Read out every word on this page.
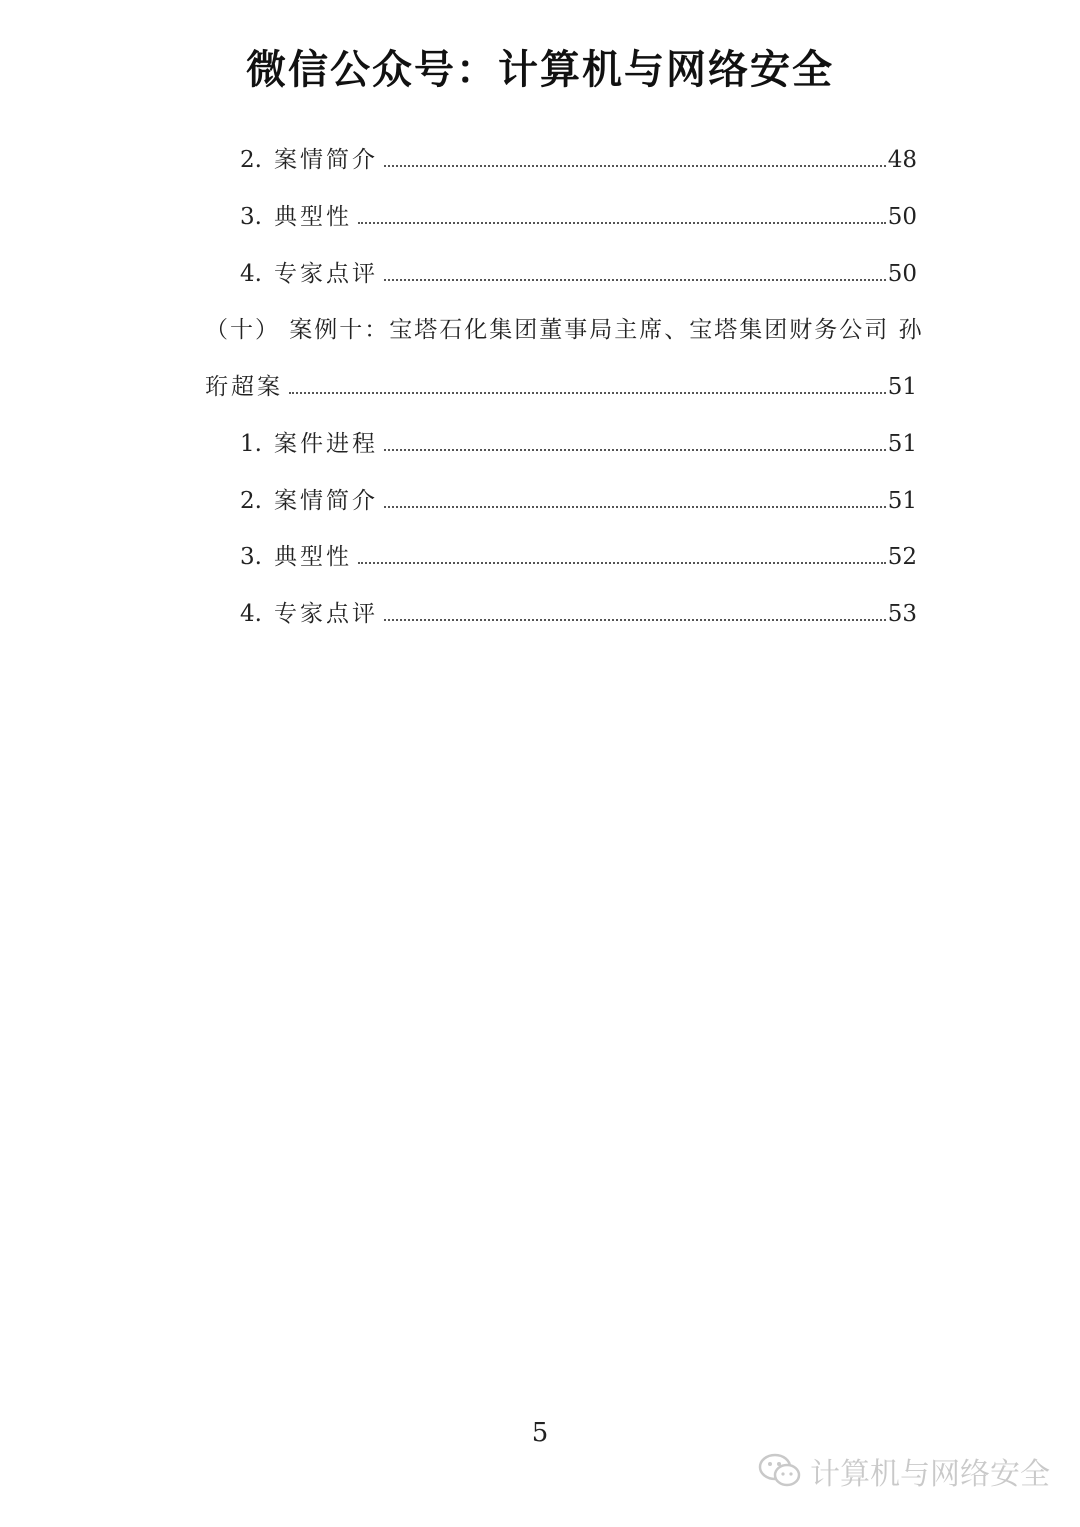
微信公众号：计算机与网络安全
2. 案情简介	48
3. 典型性	50
4. 专家点评	50
（十） 案例十：宝塔石化集团董事局主席、宝塔集团财务公司 孙
珩超案	51
1. 案件进程	51
2. 案情简介	51
3. 典型性	52
4. 专家点评	53
5
计算机与网络安全
